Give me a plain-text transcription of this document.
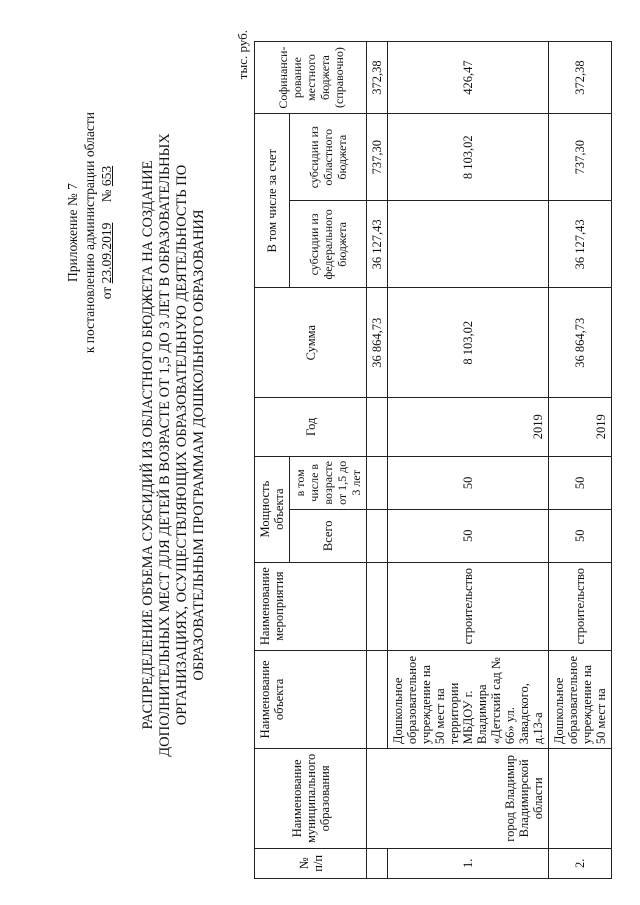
Приложение № 7 к постановлению администрации области от 23.09.2019      № 653 РАСПРЕДЕЛЕНИЕ ОБЪЕМА СУБСИДИЙ ИЗ ОБЛАСТНОГО БЮДЖЕТА НА СОЗДАНИЕ ДОПОЛНИТЕЛЬНЫХ МЕСТ ДЛЯ ДЕТЕЙ В ВОЗРАСТЕ ОТ 1,5 ДО 3 ЛЕТ В ОБРАЗОВАТЕЛЬНЫХ ОРГАНИЗАЦИЯХ, ОСУЩЕСТВЛЯЮЩИХ ОБРАЗОВАТЕЛЬНУЮ ДЕЯТЕЛЬНОСТЬ ПО ОБРАЗОВАТЕЛЬНЫМ ПРОГРАММАМ ДОШКОЛЬНОГО ОБРАЗОВАНИЯ
тыс. руб.
№ п/п	Наименование муниципального образования	Наименование объекта	Наименование мероприятия	Мощность объекта		Год	Сумма	В том числе за счет		Софинанси-рование местного бюджета (справочно)
				Всего	в том числе в возрасте от 1,5 до 3 лет			субсидии из федерального бюджета	субсидии из областного бюджета	
	город Владимир Владимирской области						36 864,73	36 127,43	737,30	372,38
1.		Дошкольное образовательное учреждение на 50 мест на территории МБДОУ г. Владимира «Детский сад № 66» ул. Завадского, д.13-а	строительство	50	50	2019	8 103,02		8 103,02	426,47
2.		Дошкольное образовательное учреждение на 50 мест на	строительство	50	50	2019	36 864,73	36 127,43	737,30	372,38
